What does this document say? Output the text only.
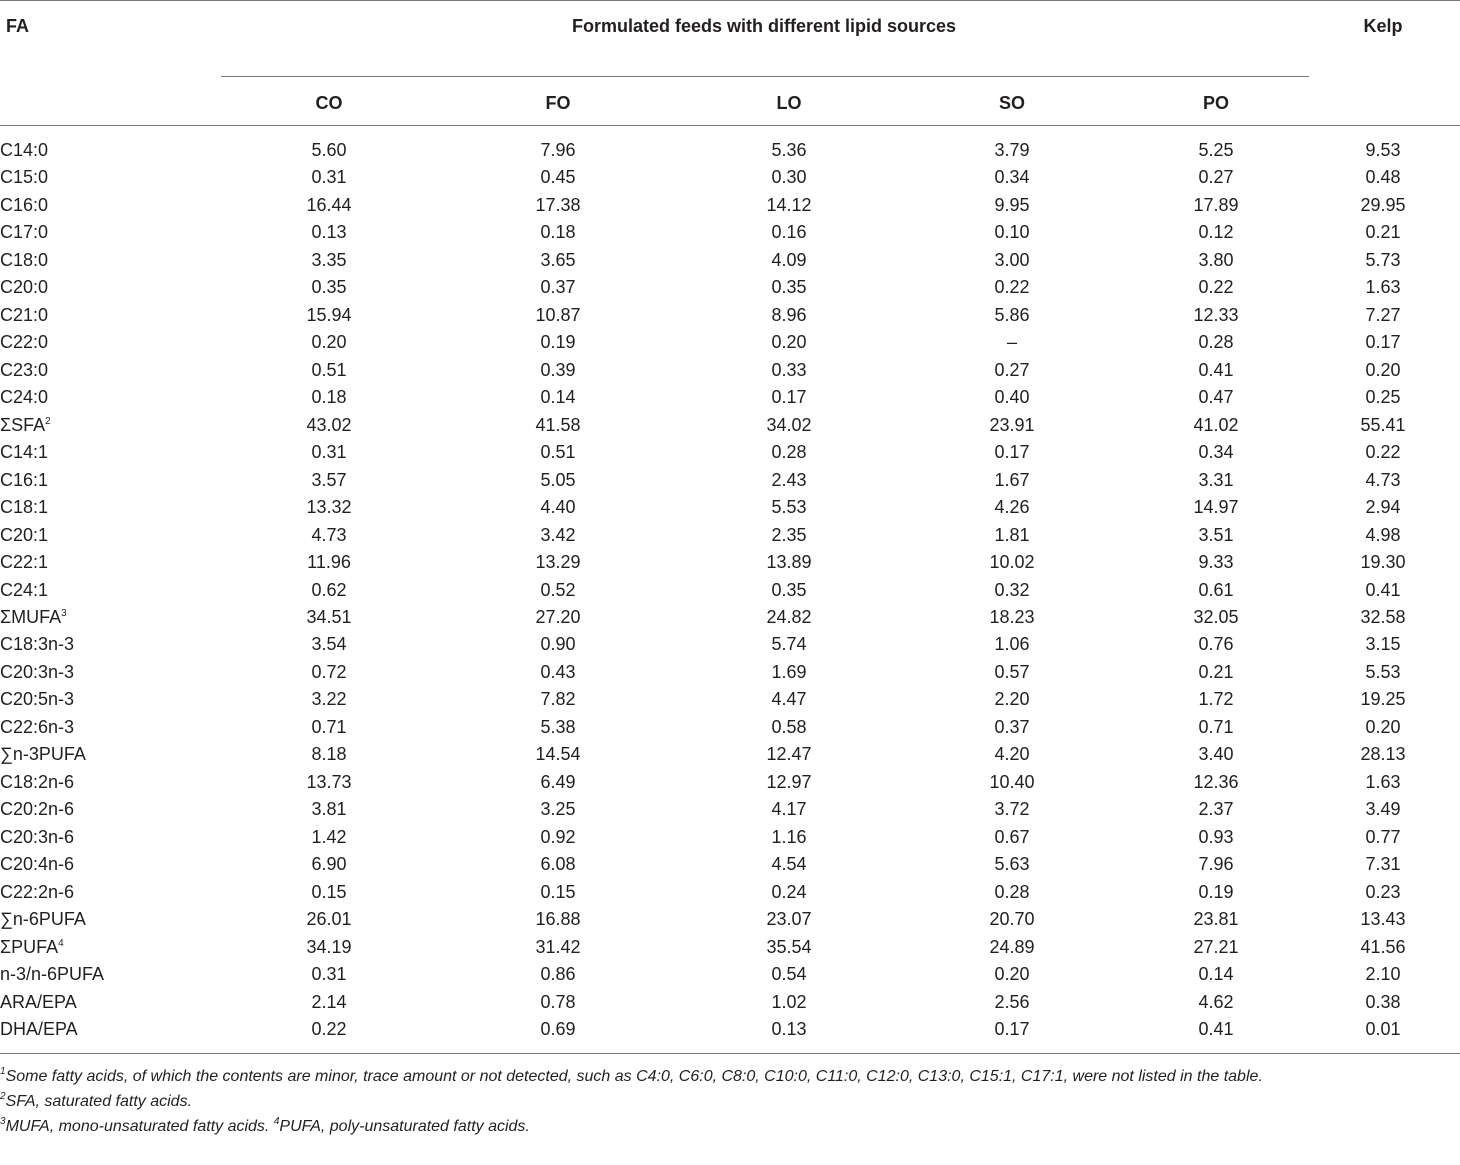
FA	Formulated feeds with different lipid sources	Kelp
CO	FO	LO	SO	PO
C14:0	5.60	7.96	5.36	3.79	5.25	9.53
C15:0	0.31	0.45	0.30	0.34	0.27	0.48
C16:0	16.44	17.38	14.12	9.95	17.89	29.95
C17:0	0.13	0.18	0.16	0.10	0.12	0.21
C18:0	3.35	3.65	4.09	3.00	3.80	5.73
C20:0	0.35	0.37	0.35	0.22	0.22	1.63
C21:0	15.94	10.87	8.96	5.86	12.33	7.27
C22:0	0.20	0.19	0.20	–	0.28	0.17
C23:0	0.51	0.39	0.33	0.27	0.41	0.20
C24:0	0.18	0.14	0.17	0.40	0.47	0.25
ΣSFA$^2$	43.02	41.58	34.02	23.91	41.02	55.41
C14:1	0.31	0.51	0.28	0.17	0.34	0.22
C16:1	3.57	5.05	2.43	1.67	3.31	4.73
C18:1	13.32	4.40	5.53	4.26	14.97	2.94
C20:1	4.73	3.42	2.35	1.81	3.51	4.98
C22:1	11.96	13.29	13.89	10.02	9.33	19.30
C24:1	0.62	0.52	0.35	0.32	0.61	0.41
ΣMUFA$^3$	34.51	27.20	24.82	18.23	32.05	32.58
C18:3n-3	3.54	0.90	5.74	1.06	0.76	3.15
C20:3n-3	0.72	0.43	1.69	0.57	0.21	5.53
C20:5n-3	3.22	7.82	4.47	2.20	1.72	19.25
C22:6n-3	0.71	5.38	0.58	0.37	0.71	0.20
∑n-3PUFA	8.18	14.54	12.47	4.20	3.40	28.13
C18:2n-6	13.73	6.49	12.97	10.40	12.36	1.63
C20:2n-6	3.81	3.25	4.17	3.72	2.37	3.49
C20:3n-6	1.42	0.92	1.16	0.67	0.93	0.77
C20:4n-6	6.90	6.08	4.54	5.63	7.96	7.31
C22:2n-6	0.15	0.15	0.24	0.28	0.19	0.23
∑n-6PUFA	26.01	16.88	23.07	20.70	23.81	13.43
ΣPUFA$^4$	34.19	31.42	35.54	24.89	27.21	41.56
n-3/n-6PUFA	0.31	0.86	0.54	0.20	0.14	2.10
ARA/EPA	2.14	0.78	1.02	2.56	4.62	0.38
DHA/EPA	0.22	0.69	0.13	0.17	0.41	0.01

$^1$Some fatty acids, of which the contents are minor, trace amount or not detected, such as C4:0, C6:0, C8:0, C10:0, C11:0, C12:0, C13:0, C15:1, C17:1, were not listed in the table.

$^2$SFA, saturated fatty acids.

$^3$MUFA, mono-unsaturated fatty acids. $^4$PUFA, poly-unsaturated fatty acids.
